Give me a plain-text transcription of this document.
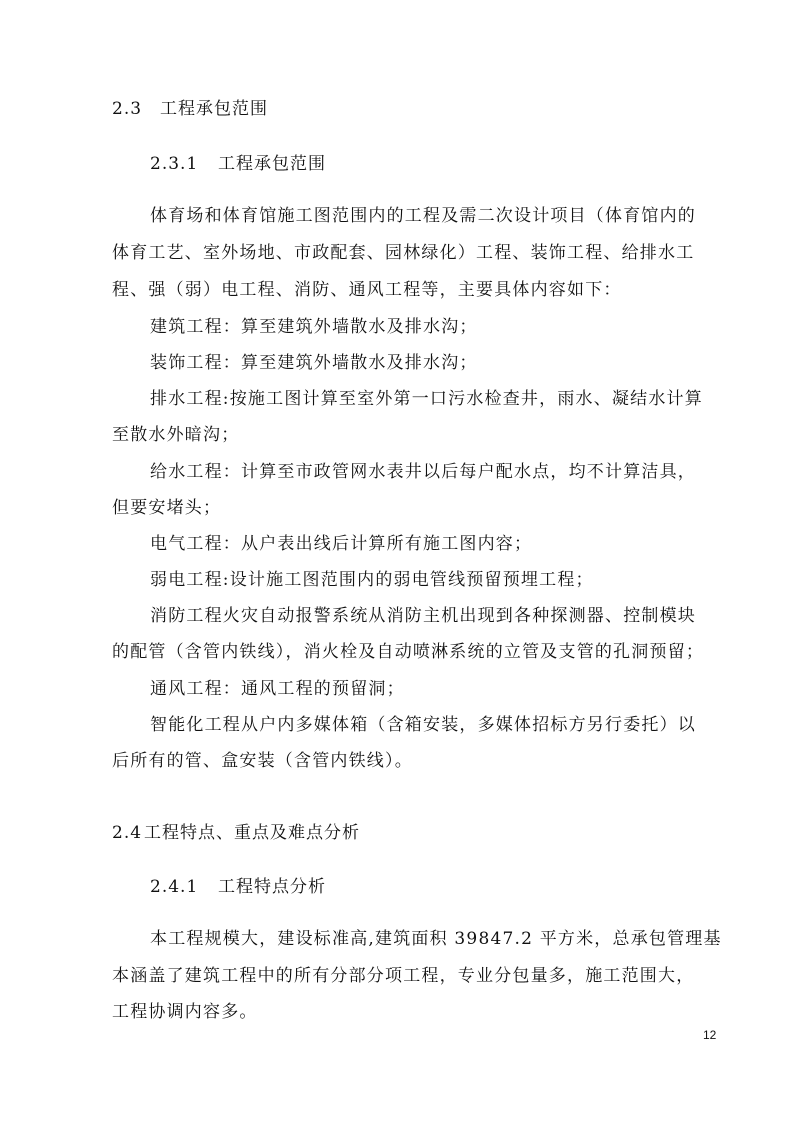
2.3 工程承包范围
2.3.1 工程承包范围
体育场和体育馆施工图范围内的工程及需二次设计项目（体育馆内的
体育工艺、室外场地、市政配套、园林绿化）工程、装饰工程、给排水工
程、强（弱）电工程、消防、通风工程等，主要具体内容如下：
建筑工程：算至建筑外墙散水及排水沟；
装饰工程：算至建筑外墙散水及排水沟；
排水工程:按施工图计算至室外第一口污水检查井，雨水、凝结水计算
至散水外暗沟；
给水工程：计算至市政管网水表井以后每户配水点，均不计算洁具，
但要安堵头；
电气工程：从户表出线后计算所有施工图内容；
弱电工程:设计施工图范围内的弱电管线预留预埋工程；
消防工程火灾自动报警系统从消防主机出现到各种探测器、控制模块
的配管（含管内铁线），消火栓及自动喷淋系统的立管及支管的孔洞预留；
通风工程：通风工程的预留洞；
智能化工程从户内多媒体箱（含箱安装，多媒体招标方另行委托）以
后所有的管、盒安装（含管内铁线）。
2.4 工程特点、重点及难点分析
2.4.1 工程特点分析
本工程规模大，建设标准高,建筑面积 39847.2 平方米，总承包管理基
本涵盖了建筑工程中的所有分部分项工程，专业分包量多，施工范围大，
工程协调内容多。
12
